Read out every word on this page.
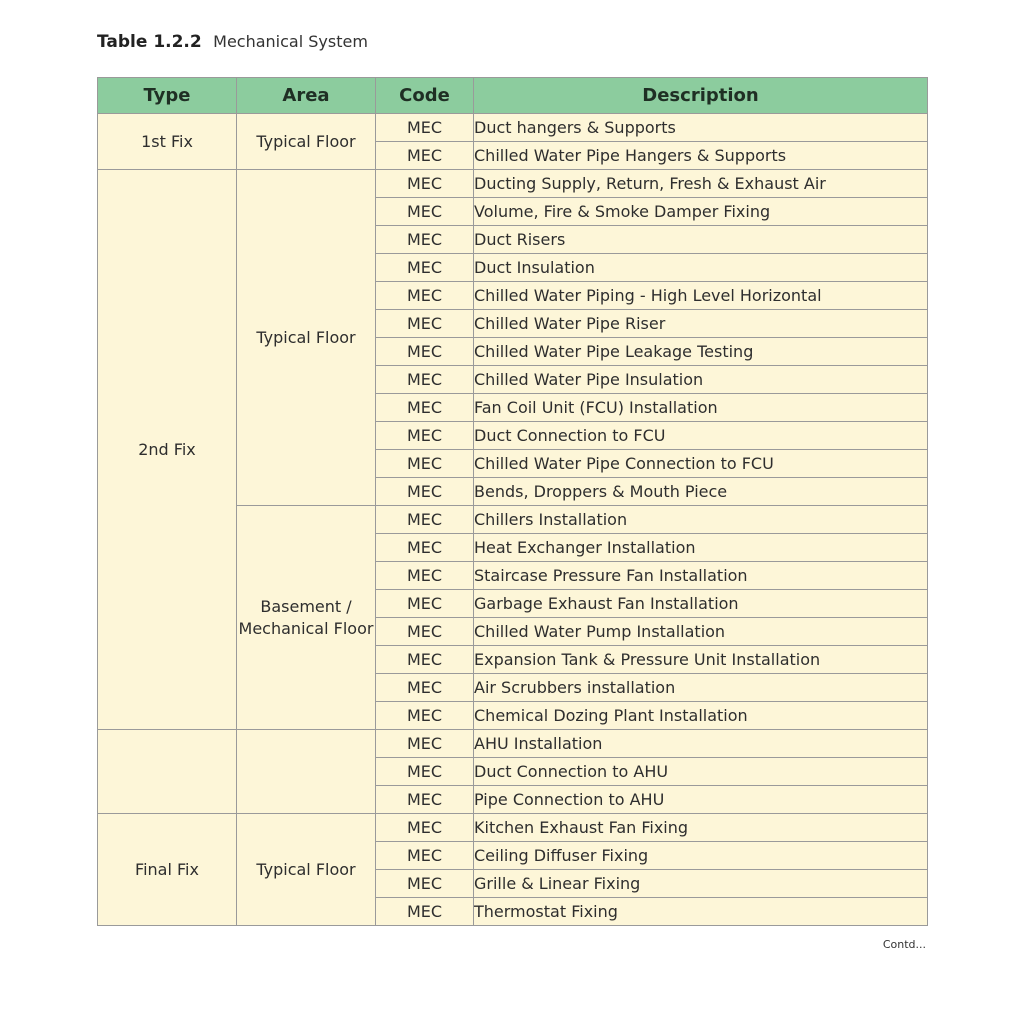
Table 1.2.2 Mechanical System
Type	Area	Code	Description
1st Fix	Typical Floor	MEC	Duct hangers & Supports
		MEC	Chilled Water Pipe Hangers & Supports
2nd Fix	Typical Floor	MEC	Ducting Supply, Return, Fresh & Exhaust Air
		MEC	Volume, Fire & Smoke Damper Fixing
		MEC	Duct Risers
		MEC	Duct Insulation
		MEC	Chilled Water Piping - High Level Horizontal
		MEC	Chilled Water Pipe Riser
		MEC	Chilled Water Pipe Leakage Testing
		MEC	Chilled Water Pipe Insulation
		MEC	Fan Coil Unit (FCU) Installation
		MEC	Duct Connection to FCU
		MEC	Chilled Water Pipe Connection to FCU
		MEC	Bends, Droppers & Mouth Piece
	Basement / Mechanical Floor	MEC	Chillers Installation
		MEC	Heat Exchanger Installation
		MEC	Staircase Pressure Fan Installation
		MEC	Garbage Exhaust Fan Installation
		MEC	Chilled Water Pump Installation
		MEC	Expansion Tank & Pressure Unit Installation
		MEC	Air Scrubbers installation
		MEC	Chemical Dozing Plant Installation
		MEC	AHU Installation
		MEC	Duct Connection to AHU
		MEC	Pipe Connection to AHU
Final Fix	Typical Floor	MEC	Kitchen Exhaust Fan Fixing
		MEC	Ceiling Diffuser Fixing
		MEC	Grille & Linear Fixing
		MEC	Thermostat Fixing
Contd...
